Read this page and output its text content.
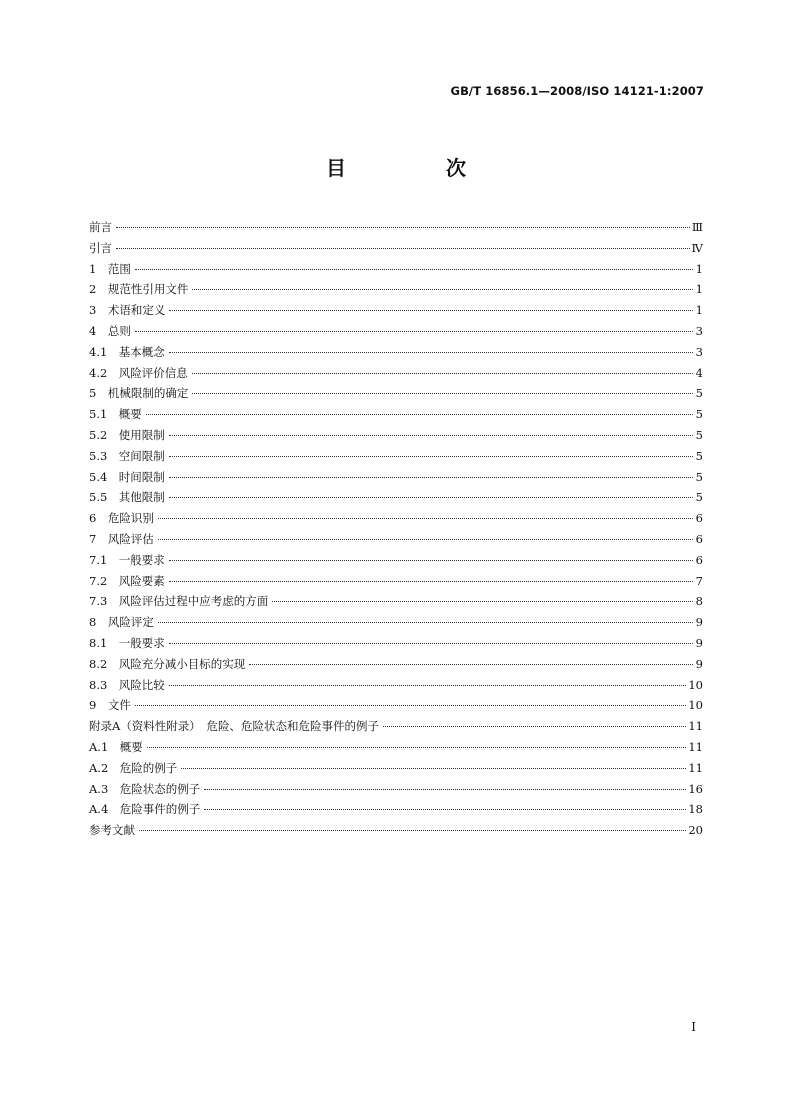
GB/T 16856.1—2008/ISO 14121-1:2007
目　次
前言	Ⅲ
引言	Ⅳ
1　范围	1
2　规范性引用文件	1
3　术语和定义	1
4　总则	3
4.1　基本概念	3
4.2　风险评价信息	4
5　机械限制的确定	5
5.1　概要	5
5.2　使用限制	5
5.3　空间限制	5
5.4　时间限制	5
5.5　其他限制	5
6　危险识别	6
7　风险评估	6
7.1　一般要求	6
7.2　风险要素	7
7.3　风险评估过程中应考虑的方面	8
8　风险评定	9
8.1　一般要求	9
8.2　风险充分减小目标的实现	9
8.3　风险比较	10
9　文件	10
附录A（资料性附录）　危险、危险状态和危险事件的例子	11
A.1　概要	11
A.2　危险的例子	11
A.3　危险状态的例子	16
A.4　危险事件的例子	18
参考文献	20
I
